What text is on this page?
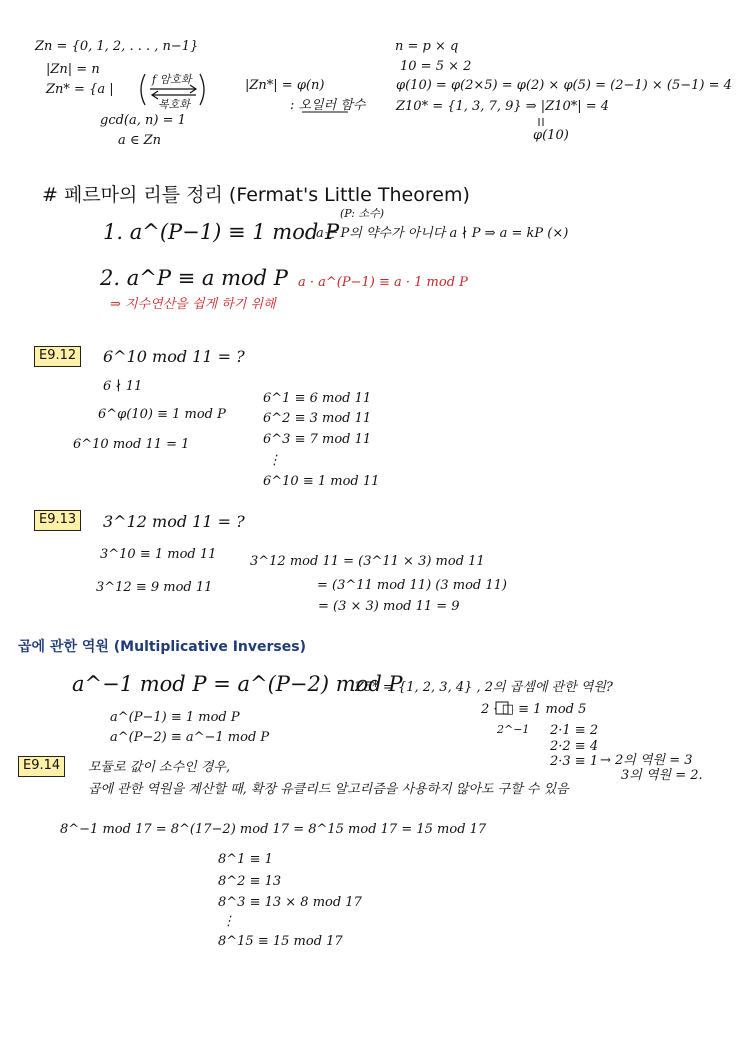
Zn = {0, 1, 2, . . . , n−1}
|Zn| = n
Zn* = {a |
f 암호화
복호화
gcd(a, n) = 1
a ∈ Zn
|Zn*| = φ(n)
: 오일러 함수
n = p × q
10 = 5 × 2
φ(10) = φ(2×5) = φ(2) × φ(5) = (2−1) × (5−1) = 4
Z10* = {1, 3, 7, 9} ⇒ |Z10*| = 4
φ(10)
# 페르마의 리틀 정리 (Fermat's Little Theorem)
(P: 소수)
1. a^(P−1) ≡ 1 mod P
a는 P의 약수가 아니다 a ∤ P ⇒ a = kP (×)
2. a^P ≡ a mod P a · a^(P−1) ≡ a · 1 mod P
⇒ 지수연산을 쉽게 하기 위해
E9.12	6^10 mod 11 = ?
6 ∤ 11
6^φ(10) ≡ 1 mod P
6^10 mod 11 = 1
6^1 ≡ 6 mod 11
6^2 ≡ 3 mod 11
6^3 ≡ 7 mod 11
⋮
6^10 ≡ 1 mod 11
E9.13	3^12 mod 11 = ?
3^10 ≡ 1 mod 11
3^12 ≡ 9 mod 11
3^12 mod 11 = (3^11 × 3) mod 11
= (3^11 mod 11) (3 mod 11)
= (3 × 3) mod 11 = 9
곱에 관한 역원 (Multiplicative Inverses)
a^−1 mod P = a^(P−2) mod P
a^(P−1) ≡ 1 mod P
a^(P−2) ≡ a^−1 mod P
Z5* = {1, 2, 3, 4} , 2의 곱셈에 관한 역원?
2 · □ ≡ 1 mod 5
2^−1 2·1 ≡ 2
2·2 ≡ 4
2·3 ≡ 1 → 2의 역원 = 3
3의 역원 = 2.
E9.14	모듈로 값이 소수인 경우,
곱에 관한 역원을 계산할 때, 확장 유클리드 알고리즘을 사용하지 않아도 구할 수 있음
8^−1 mod 17 = 8^(17−2) mod 17 = 8^15 mod 17 = 15 mod 17
8^1 ≡ 1
8^2 ≡ 13
8^3 ≡ 13 × 8 mod 17
⋮
8^15 ≡ 15 mod 17
